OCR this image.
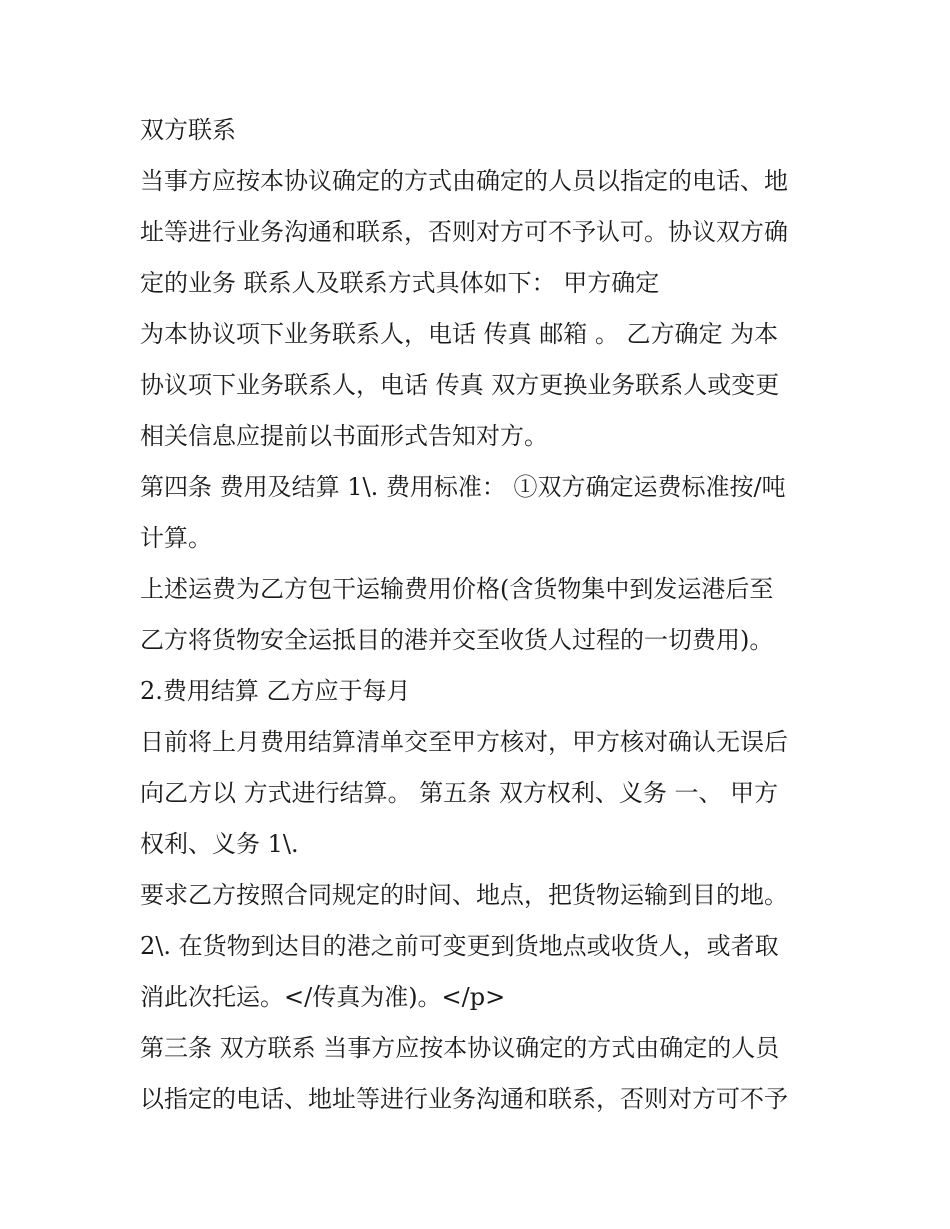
双方联系
当事方应按本协议确定的方式由确定的人员以指定的电话、地
址等进行业务沟通和联系，否则对方可不予认可。协议双方确
定的业务 联系人及联系方式具体如下： 甲方确定
为本协议项下业务联系人，电话 传真 邮箱 。 乙方确定 为本
协议项下业务联系人，电话 传真 双方更换业务联系人或变更
相关信息应提前以书面形式告知对方。
第四条 费用及结算 1\. 费用标准： ①双方确定运费标准按/吨
计算。
上述运费为乙方包干运输费用价格(含货物集中到发运港后至
乙方将货物安全运抵目的港并交至收货人过程的一切费用)。
2.费用结算 乙方应于每月
日前将上月费用结算清单交至甲方核对，甲方核对确认无误后
向乙方以 方式进行结算。 第五条 双方权利、义务 一、 甲方
权利、义务 1\.
要求乙方按照合同规定的时间、地点，把货物运输到目的地。
2\. 在货物到达目的港之前可变更到货地点或收货人，或者取
消此次托运。</传真为准)。</p>
第三条 双方联系 当事方应按本协议确定的方式由确定的人员
以指定的电话、地址等进行业务沟通和联系，否则对方可不予
